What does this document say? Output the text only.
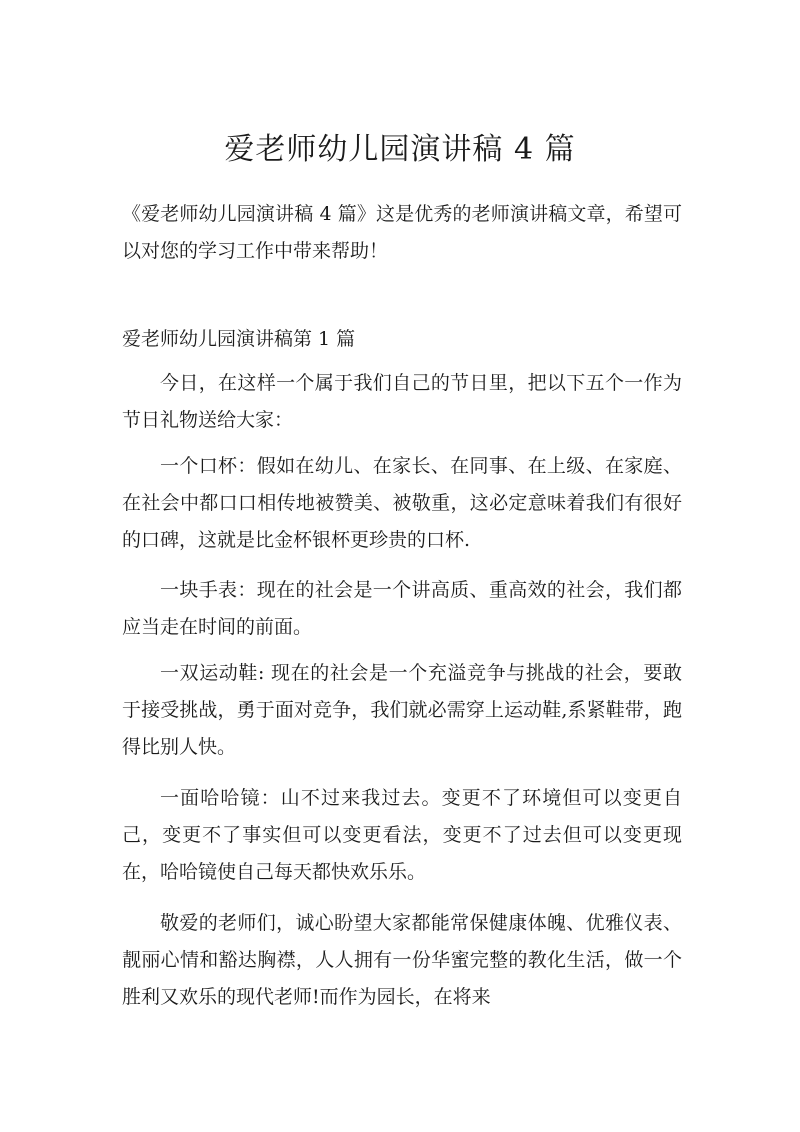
爱老师幼儿园演讲稿 4 篇

《爱老师幼儿园演讲稿 4 篇》这是优秀的老师演讲稿文章，希望可以对您的学习工作中带来帮助！

爱老师幼儿园演讲稿第 1 篇

今日，在这样一个属于我们自己的节日里，把以下五个一作为节日礼物送给大家：

一个口杯：假如在幼儿、在家长、在同事、在上级、在家庭、在社会中都口口相传地被赞美、被敬重，这必定意味着我们有很好的口碑，这就是比金杯银杯更珍贵的口杯.

一块手表：现在的社会是一个讲高质、重高效的社会，我们都应当走在时间的前面。

一双运动鞋: 现在的社会是一个充溢竞争与挑战的社会，要敢于接受挑战，勇于面对竞争，我们就必需穿上运动鞋,系紧鞋带，跑得比别人快。

一面哈哈镜：山不过来我过去。变更不了环境但可以变更自己，变更不了事实但可以变更看法，变更不了过去但可以变更现在，哈哈镜使自己每天都快欢乐乐。

敬爱的老师们，诚心盼望大家都能常保健康体魄、优雅仪表、靓丽心情和豁达胸襟，人人拥有一份华蜜完整的教化生活，做一个胜利又欢乐的现代老师!而作为园长，在将来
